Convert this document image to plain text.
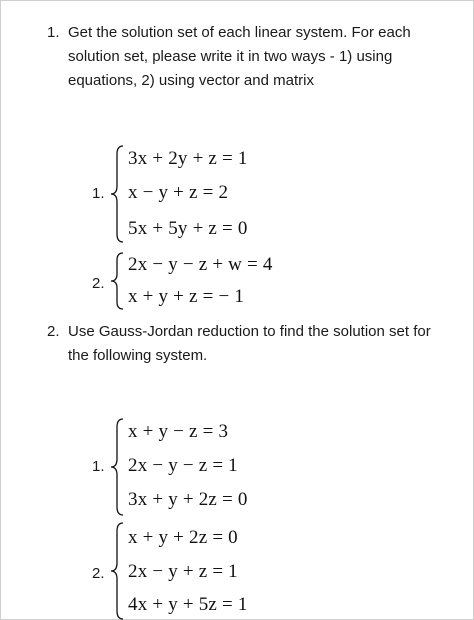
1. Get the solution set of each linear system. For each
solution set, please write it in two ways - 1) using
equations, 2) using vector and matrix
1.
3x + 2y + z = 1
x − y + z = 2
5x + 5y + z = 0
2.
2x − y − z + w = 4
x + y + z = − 1
2. Use Gauss-Jordan reduction to find the solution set for
the following system.
1.
x + y − z = 3
2x − y − z = 1
3x + y + 2z = 0
2.
x + y + 2z = 0
2x − y + z = 1
4x + y + 5z = 1
